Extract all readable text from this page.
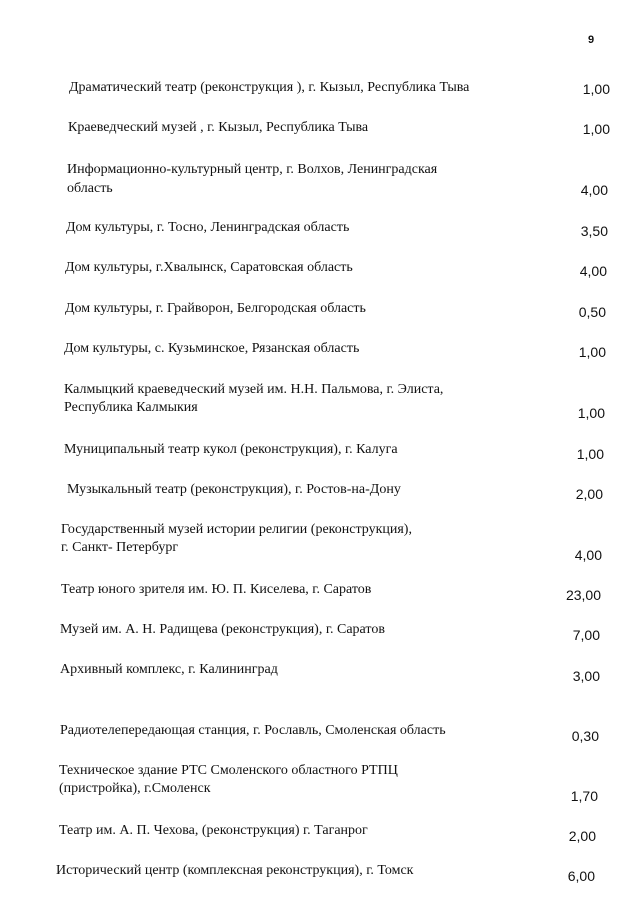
9
Драматический театр (реконструкция ), г. Кызыл, Республика Тыва	1,00
Краеведческий музей , г. Кызыл, Республика Тыва	1,00
Информационно-культурный центр, г. Волхов, Ленинградская
область	4,00
Дом культуры, г. Тосно, Ленинградская область	3,50
Дом культуры, г.Хвалынск, Саратовская область	4,00
Дом культуры, г. Грайворон, Белгородская область	0,50
Дом культуры, с. Кузьминское, Рязанская область	1,00
Калмыцкий краеведческий музей им. Н.Н. Пальмова, г. Элиста,
Республика Калмыкия	1,00
Муниципальный театр кукол (реконструкция), г. Калуга	1,00
Музыкальный театр (реконструкция), г. Ростов-на-Дону	2,00
Государственный музей истории религии (реконструкция),
г. Санкт- Петербург	4,00
Театр юного зрителя им. Ю. П. Киселева, г. Саратов	23,00
Музей им. А. Н. Радищева (реконструкция), г. Саратов	7,00
Архивный комплекс, г. Калининград	3,00
Радиотелепередающая станция, г. Рославль, Смоленская область	0,30
Техническое здание РТС Смоленского областного РТПЦ
(пристройка), г.Смоленск	1,70
Театр им. А. П. Чехова, (реконструкция) г. Таганрог	2,00
Исторический центр (комплексная реконструкция), г. Томск	6,00
